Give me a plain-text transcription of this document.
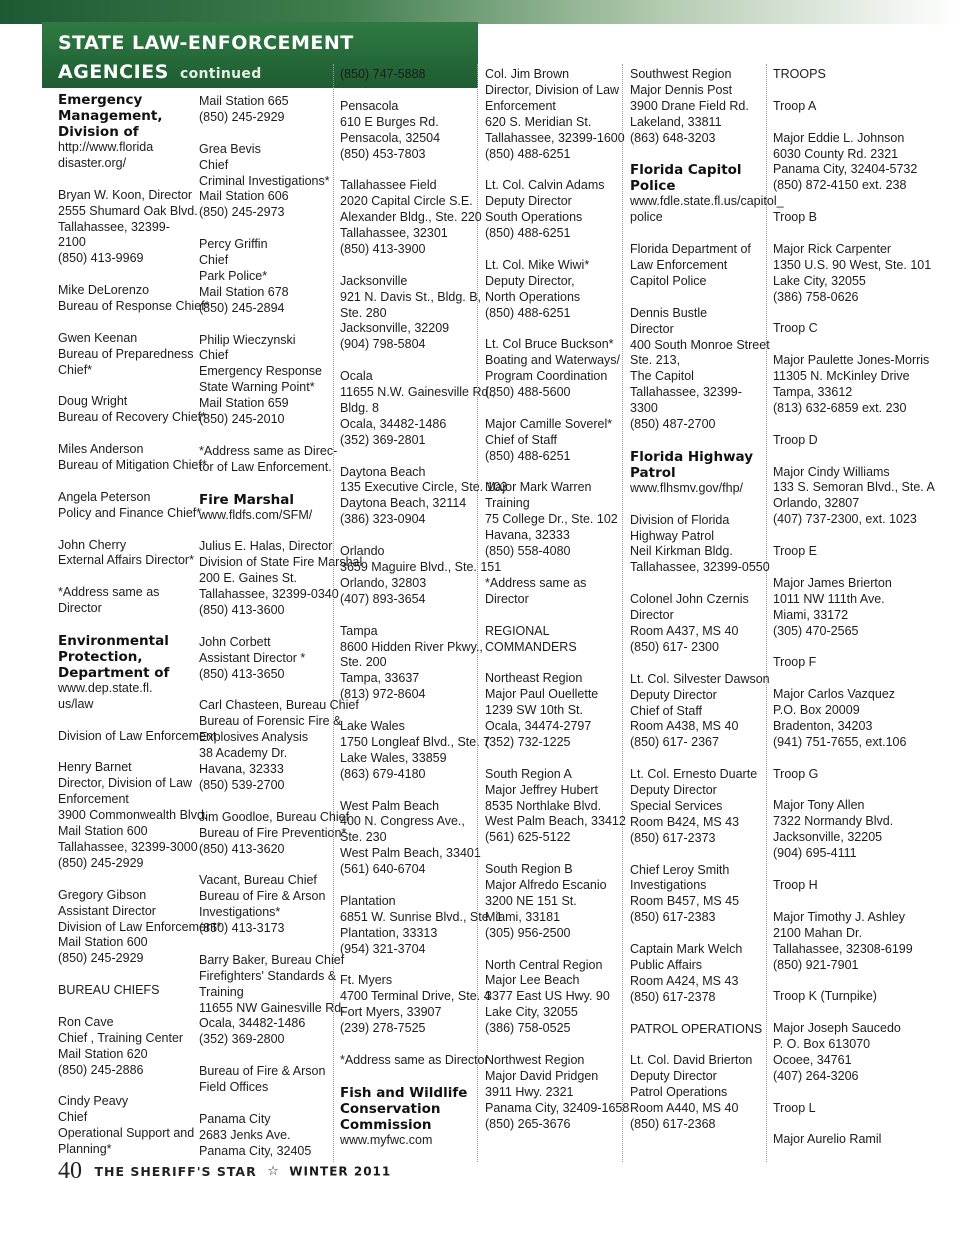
STATE LAW-ENFORCEMENT
AGENCIES continued
Emergency
Management,
Division of
http://www.florida
disaster.org/
Bryan W. Koon, Director
2555 Shumard Oak Blvd.
Tallahassee, 32399-
2100
(850) 413-9969
Mike DeLorenzo
Bureau of Response Chief*
Gwen Keenan
Bureau of Preparedness
Chief*
Doug Wright
Bureau of Recovery Chief*
Miles Anderson
Bureau of Mitigation Chief*
Angela Peterson
Policy and Finance Chief*
John Cherry
External Affairs Director*
*Address same as
Director
Environmental
Protection,
Department of
www.dep.state.fl.
us/law
Division of Law Enforcement
Henry Barnet
Director, Division of Law
Enforcement
3900 Commonwealth Blvd.
Mail Station 600
Tallahassee, 32399-3000
(850) 245-2929
Gregory Gibson
Assistant Director
Division of Law Enforcement*
Mail Station 600
(850) 245-2929
BUREAU CHIEFS
Ron Cave
Chief , Training Center
Mail Station 620
(850) 245-2886
Cindy Peavy
Chief
Operational Support and
Planning*
Mail Station 665
(850) 245-2929
Grea Bevis
Chief
Criminal Investigations*
Mail Station 606
(850) 245-2973
Percy Griffin
Chief
Park Police*
Mail Station 678
(850) 245-2894
Philip Wieczynski
Chief
Emergency Response
State Warning Point*
Mail Station 659
(850) 245-2010
*Address same as Direc-
tor of Law Enforcement.
Fire Marshal
www.fldfs.com/SFM/
Julius E. Halas, Director
Division of State Fire Marshal
200 E. Gaines St.
Tallahassee, 32399-0340
(850) 413-3600
John Corbett
Assistant Director *
(850) 413-3650
Carl Chasteen, Bureau Chief
Bureau of Forensic Fire &
Explosives Analysis
38 Academy Dr.
Havana, 32333
(850) 539-2700
Jim Goodloe, Bureau Chief
Bureau of Fire Prevention*
(850) 413-3620
Vacant, Bureau Chief
Bureau of Fire & Arson
Investigations*
(850) 413-3173
Barry Baker, Bureau Chief
Firefighters' Standards &
Training
11655 NW Gainesville Rd.
Ocala, 34482-1486
(352) 369-2800
Bureau of Fire & Arson
Field Offices
Panama City
2683 Jenks Ave.
Panama City, 32405
(850) 747-5888
Pensacola
610 E Burges Rd.
Pensacola, 32504
(850) 453-7803
Tallahassee Field
2020 Capital Circle S.E.
Alexander Bldg., Ste. 220
Tallahassee, 32301
(850) 413-3900
Jacksonville
921 N. Davis St., Bldg. B,
Ste. 280
Jacksonville, 32209
(904) 798-5804
Ocala
11655 N.W. Gainesville Rd.,
Bldg. 8
Ocala, 34482-1486
(352) 369-2801
Daytona Beach
135 Executive Circle, Ste. 103
Daytona Beach, 32114
(386) 323-0904
Orlando
3659 Maguire Blvd., Ste. 151
Orlando, 32803
(407) 893-3654
Tampa
8600 Hidden River Pkwy.,
Ste. 200
Tampa, 33637
(813) 972-8604
Lake Wales
1750 Longleaf Blvd., Ste. 7
Lake Wales, 33859
(863) 679-4180
West Palm Beach
400 N. Congress Ave.,
Ste. 230
West Palm Beach, 33401
(561) 640-6704
Plantation
6851 W. Sunrise Blvd., Ste. 1
Plantation, 33313
(954) 321-3704
Ft. Myers
4700 Terminal Drive, Ste. 4
Fort Myers, 33907
(239) 278-7525
*Address same as Director
Fish and Wildlife
Conservation
Commission
www.myfwc.com
Col. Jim Brown
Director, Division of Law
Enforcement
620 S. Meridian St.
Tallahassee, 32399-1600
(850) 488-6251
Lt. Col. Calvin Adams
Deputy Director
South Operations
(850) 488-6251
Lt. Col. Mike Wiwi*
Deputy Director,
North Operations
(850) 488-6251
Lt. Col Bruce Buckson*
Boating and Waterways/
Program Coordination
(850) 488-5600
Major Camille Soverel*
Chief of Staff
(850) 488-6251
Major Mark Warren
Training
75 College Dr., Ste. 102
Havana, 32333
(850) 558-4080
*Address same as
Director
REGIONAL
COMMANDERS
Northeast Region
Major Paul Ouellette
1239 SW 10th St.
Ocala, 34474-2797
(352) 732-1225
South Region A
Major Jeffrey Hubert
8535 Northlake Blvd.
West Palm Beach, 33412
(561) 625-5122
South Region B
Major Alfredo Escanio
3200 NE 151 St.
Miami, 33181
(305) 956-2500
North Central Region
Major Lee Beach
3377 East US Hwy. 90
Lake City, 32055
(386) 758-0525
Northwest Region
Major David Pridgen
3911 Hwy. 2321
Panama City, 32409-1658
(850) 265-3676
Southwest Region
Major Dennis Post
3900 Drane Field Rd.
Lakeland, 33811
(863) 648-3203
Florida Capitol
Police
www.fdle.state.fl.us/capitol_
police
Florida Department of
Law Enforcement
Capitol Police
Dennis Bustle
Director
400 South Monroe Street
Ste. 213,
The Capitol
Tallahassee, 32399-
3300
(850) 487-2700
Florida Highway
Patrol
www.flhsmv.gov/fhp/
Division of Florida
Highway Patrol
Neil Kirkman Bldg.
Tallahassee, 32399-0550
Colonel John Czernis
Director
Room A437, MS 40
(850) 617- 2300
Lt. Col. Silvester Dawson
Deputy Director
Chief of Staff
Room A438, MS 40
(850) 617- 2367
Lt. Col. Ernesto Duarte
Deputy Director
Special Services
Room B424, MS 43
(850) 617-2373
Chief Leroy Smith
Investigations
Room B457, MS 45
(850) 617-2383
Captain Mark Welch
Public Affairs
Room A424, MS 43
(850) 617-2378
PATROL OPERATIONS
Lt. Col. David Brierton
Deputy Director
Patrol Operations
Room A440, MS 40
(850) 617-2368
TROOPS
Troop A
Major Eddie L. Johnson
6030 County Rd. 2321
Panama City, 32404-5732
(850) 872-4150 ext. 238
Troop B
Major Rick Carpenter
1350 U.S. 90 West, Ste. 101
Lake City, 32055
(386) 758-0626
Troop C
Major Paulette Jones-Morris
11305 N. McKinley Drive
Tampa, 33612
(813) 632-6859 ext. 230
Troop D
Major Cindy Williams
133 S. Semoran Blvd., Ste. A
Orlando, 32807
(407) 737-2300, ext. 1023
Troop E
Major James Brierton
1011 NW 111th Ave.
Miami, 33172
(305) 470-2565
Troop F
Major Carlos Vazquez
P.O. Box 20009
Bradenton, 34203
(941) 751-7655, ext.106
Troop G
Major Tony Allen
7322 Normandy Blvd.
Jacksonville, 32205
(904) 695-4111
Troop H
Major Timothy J. Ashley
2100 Mahan Dr.
Tallahassee, 32308-6199
(850) 921-7901
Troop K (Turnpike)
Major Joseph Saucedo
P. O. Box 613070
Ocoee, 34761
(407) 264-3206
Troop L
Major Aurelio Ramil
40 THE SHERIFF'S STAR ☆ WINTER 2011
